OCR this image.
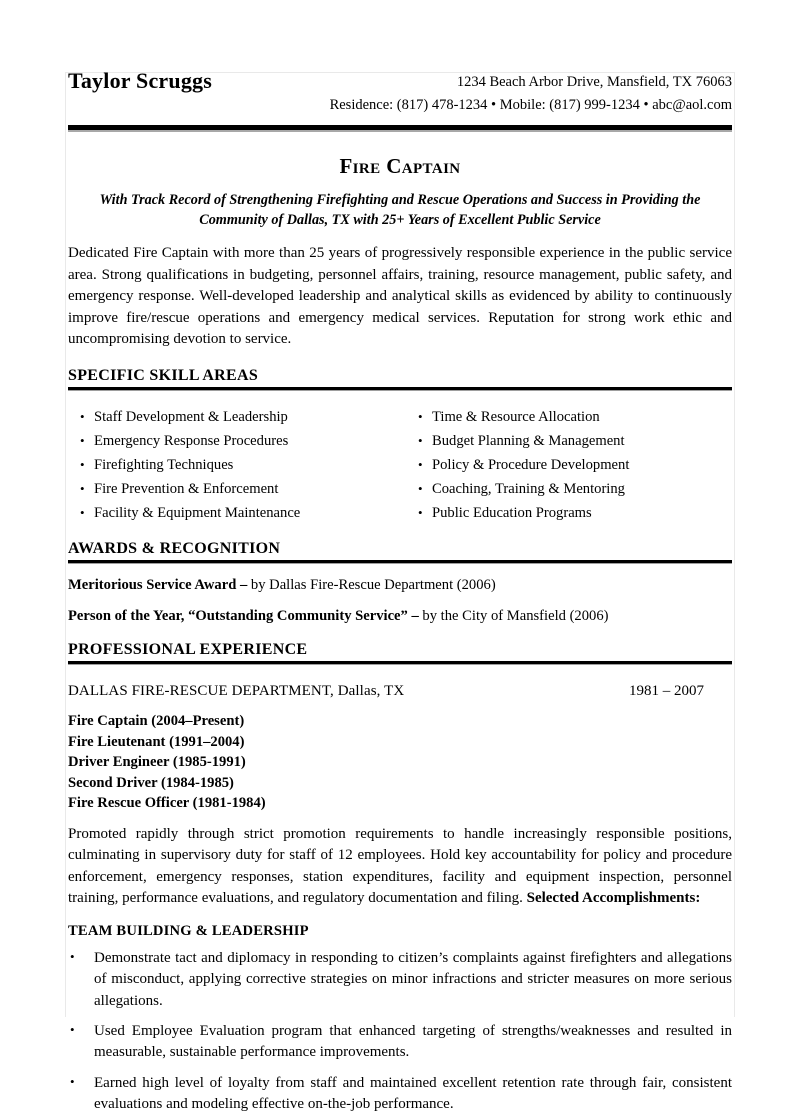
Taylor Scruggs	1234 Beach Arbor Drive, Mansfield, TX 76063
Residence: (817) 478-1234 • Mobile: (817) 999-1234 • abc@aol.com
Fire Captain
With Track Record of Strengthening Firefighting and Rescue Operations and Success in Providing the Community of Dallas, TX with 25+ Years of Excellent Public Service
Dedicated Fire Captain with more than 25 years of progressively responsible experience in the public service area. Strong qualifications in budgeting, personnel affairs, training, resource management, public safety, and emergency response. Well-developed leadership and analytical skills as evidenced by ability to continuously improve fire/rescue operations and emergency medical services. Reputation for strong work ethic and uncompromising devotion to service.
SPECIFIC SKILL AREAS
• Staff Development & Leadership
• Emergency Response Procedures
• Firefighting Techniques
• Fire Prevention & Enforcement
• Facility & Equipment Maintenance
• Time & Resource Allocation
• Budget Planning & Management
• Policy & Procedure Development
• Coaching, Training & Mentoring
• Public Education Programs
AWARDS & RECOGNITION
Meritorious Service Award – by Dallas Fire-Rescue Department (2006)
Person of the Year, “Outstanding Community Service” – by the City of Mansfield (2006)
PROFESSIONAL EXPERIENCE
DALLAS FIRE-RESCUE DEPARTMENT, Dallas, TX	1981 – 2007
Fire Captain (2004–Present)
Fire Lieutenant (1991–2004)
Driver Engineer (1985-1991)
Second Driver (1984-1985)
Fire Rescue Officer (1981-1984)
Promoted rapidly through strict promotion requirements to handle increasingly responsible positions, culminating in supervisory duty for staff of 12 employees. Hold key accountability for policy and procedure enforcement, emergency responses, station expenditures, facility and equipment inspection, personnel training, performance evaluations, and regulatory documentation and filing. Selected Accomplishments:
TEAM BUILDING & LEADERSHIP
•	Demonstrate tact and diplomacy in responding to citizen’s complaints against firefighters and allegations of misconduct, applying corrective strategies on minor infractions and stricter measures on more serious allegations.
•	Used Employee Evaluation program that enhanced targeting of strengths/weaknesses and resulted in measurable, sustainable performance improvements.
•	Earned high level of loyalty from staff and maintained excellent retention rate through fair, consistent evaluations and modeling effective on-the-job performance.
